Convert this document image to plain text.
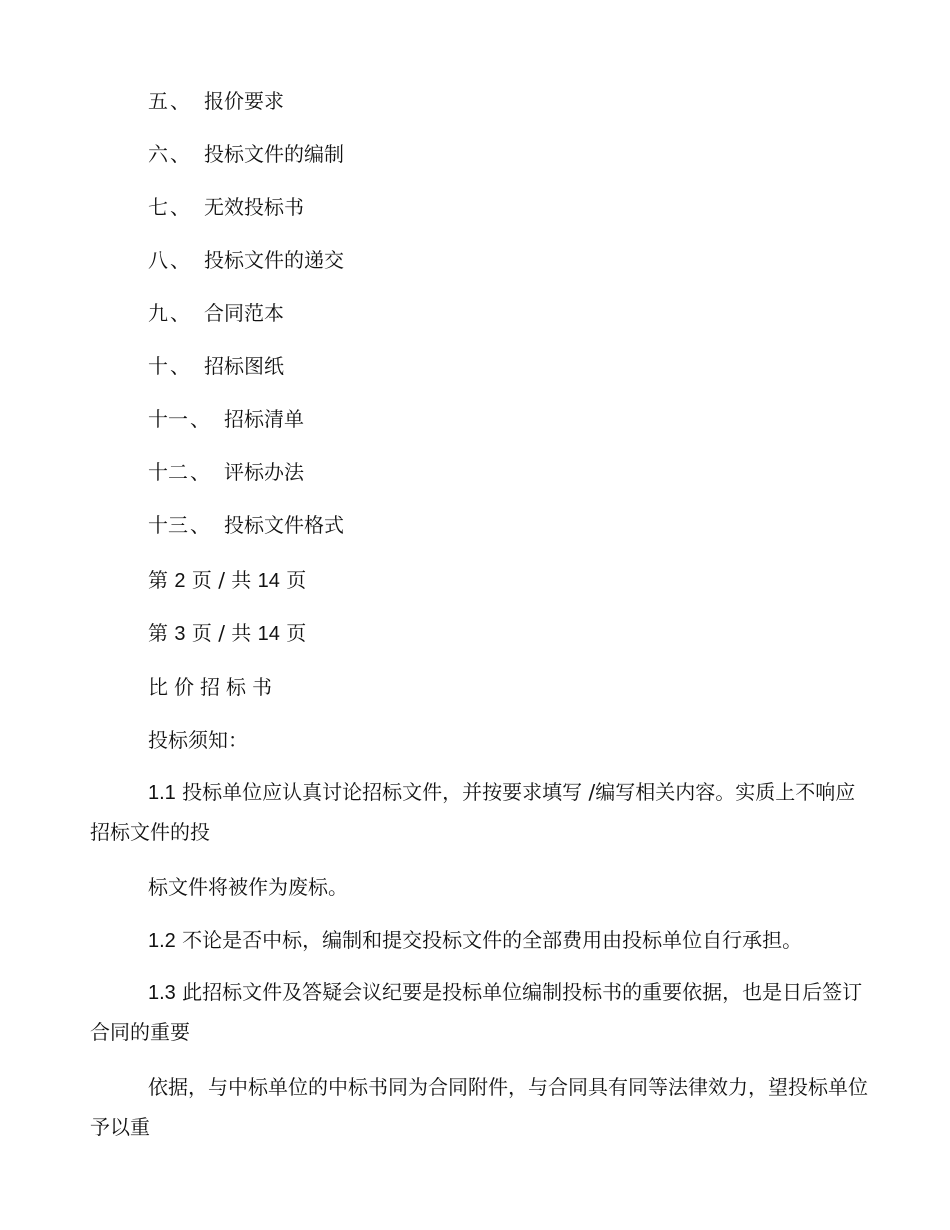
五 、 报价要求
六 、 投标文件的编制
七 、 无效投标书
八 、 投标文件的递交
九 、 合同范本
十 、 招标图纸
十一 、 招标清单
十二 、 评标办法
十三 、 投标文件格式
第 2 页 / 共 14 页
第 3 页 / 共 14 页
比价招标书
投标须知：

1.1 投标单位应认真讨论招标文件，并按要求填写 /编写相关内容。实质上不响应招标文件的投

标文件将被作为废标。

1.2 不论是否中标，编制和提交投标文件的全部费用由投标单位自行承担。

1.3 此招标文件及答疑会议纪要是投标单位编制投标书的重要依据，也是日后签订合同的重要

依据，与中标单位的中标书同为合同附件，与合同具有同等法律效力，望投标单位予以重
